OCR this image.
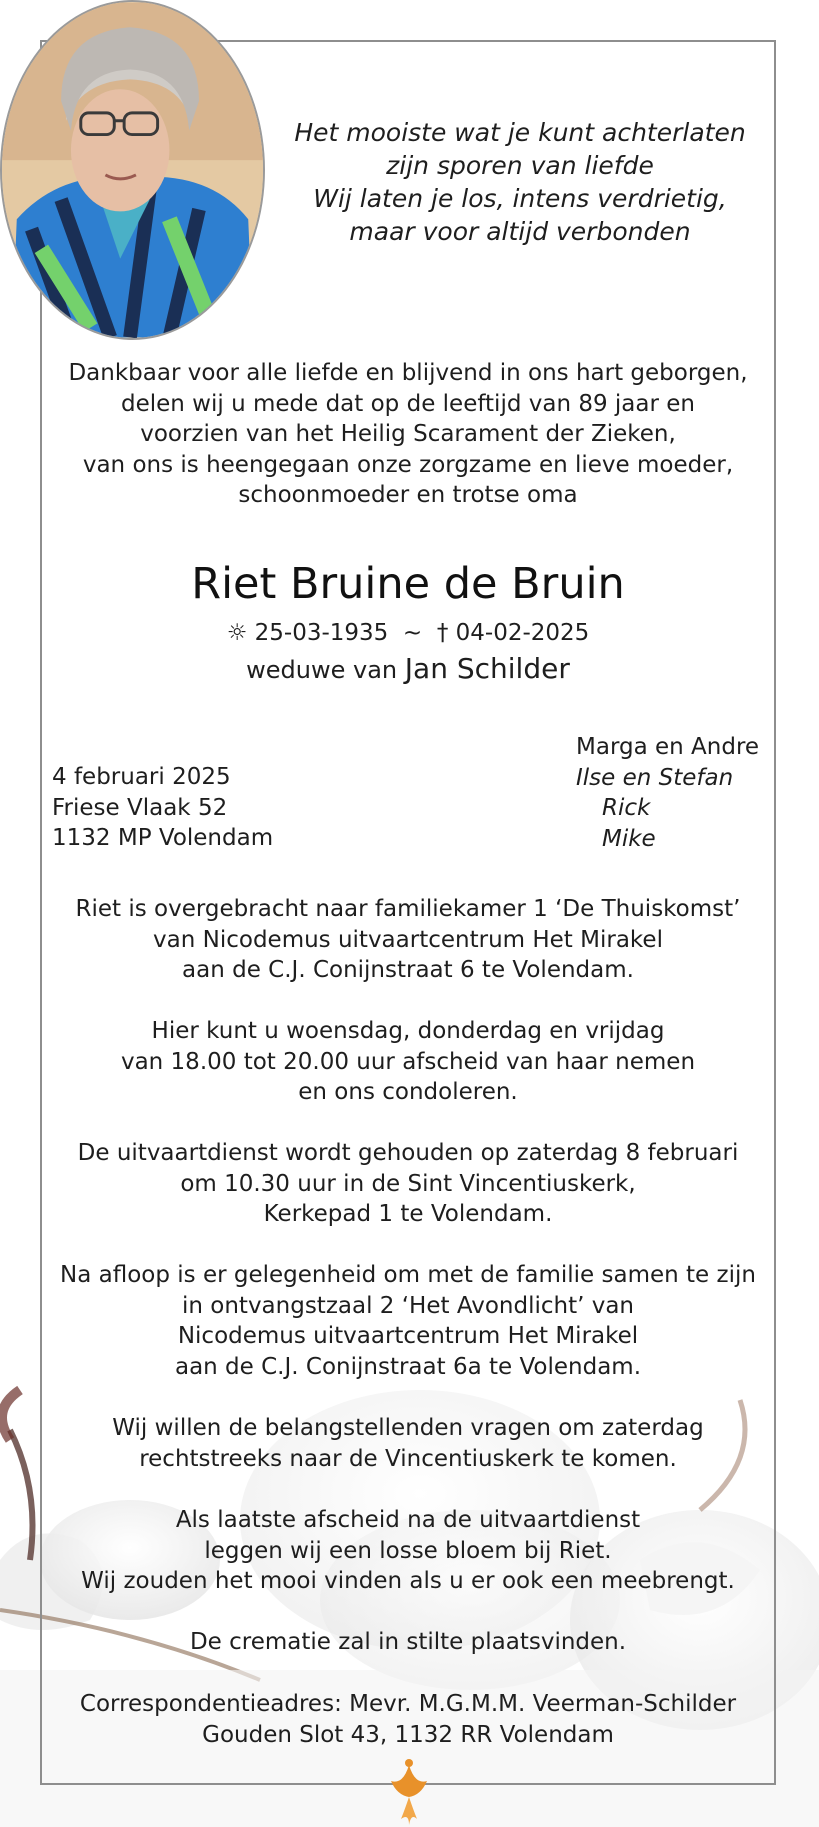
Het mooiste wat je kunt achterlaten
zijn sporen van liefde
Wij laten je los, intens verdrietig,
maar voor altijd verbonden
Dankbaar voor alle liefde en blijvend in ons hart geborgen,
delen wij u mede dat op de leeftijd van 89 jaar en
voorzien van het Heilig Scarament der Zieken,
van ons is heengegaan onze zorgzame en lieve moeder,
schoonmoeder en trotse oma
Riet Bruine de Bruin
☼ 25-03-1935 ~ † 04-02-2025
weduwe van Jan Schilder
4 februari 2025
Friese Vlaak 52
1132 MP Volendam
Marga en Andre
Ilse en Stefan
Rick
Mike
Riet is overgebracht naar familiekamer 1 ‘De Thuiskomst’
van Nicodemus uitvaartcentrum Het Mirakel
aan de C.J. Conijnstraat 6 te Volendam.
Hier kunt u woensdag, donderdag en vrijdag
van 18.00 tot 20.00 uur afscheid van haar nemen
en ons condoleren.
De uitvaartdienst wordt gehouden op zaterdag 8 februari
om 10.30 uur in de Sint Vincentiuskerk,
Kerkepad 1 te Volendam.
Na afloop is er gelegenheid om met de familie samen te zijn
in ontvangstzaal 2 ‘Het Avondlicht’ van
Nicodemus uitvaartcentrum Het Mirakel
aan de C.J. Conijnstraat 6a te Volendam.
Wij willen de belangstellenden vragen om zaterdag
rechtstreeks naar de Vincentiuskerk te komen.
Als laatste afscheid na de uitvaartdienst
leggen wij een losse bloem bij Riet.
Wij zouden het mooi vinden als u er ook een meebrengt.
De crematie zal in stilte plaatsvinden.
Correspondentieadres: Mevr. M.G.M.M. Veerman-Schilder
Gouden Slot 43, 1132 RR Volendam
